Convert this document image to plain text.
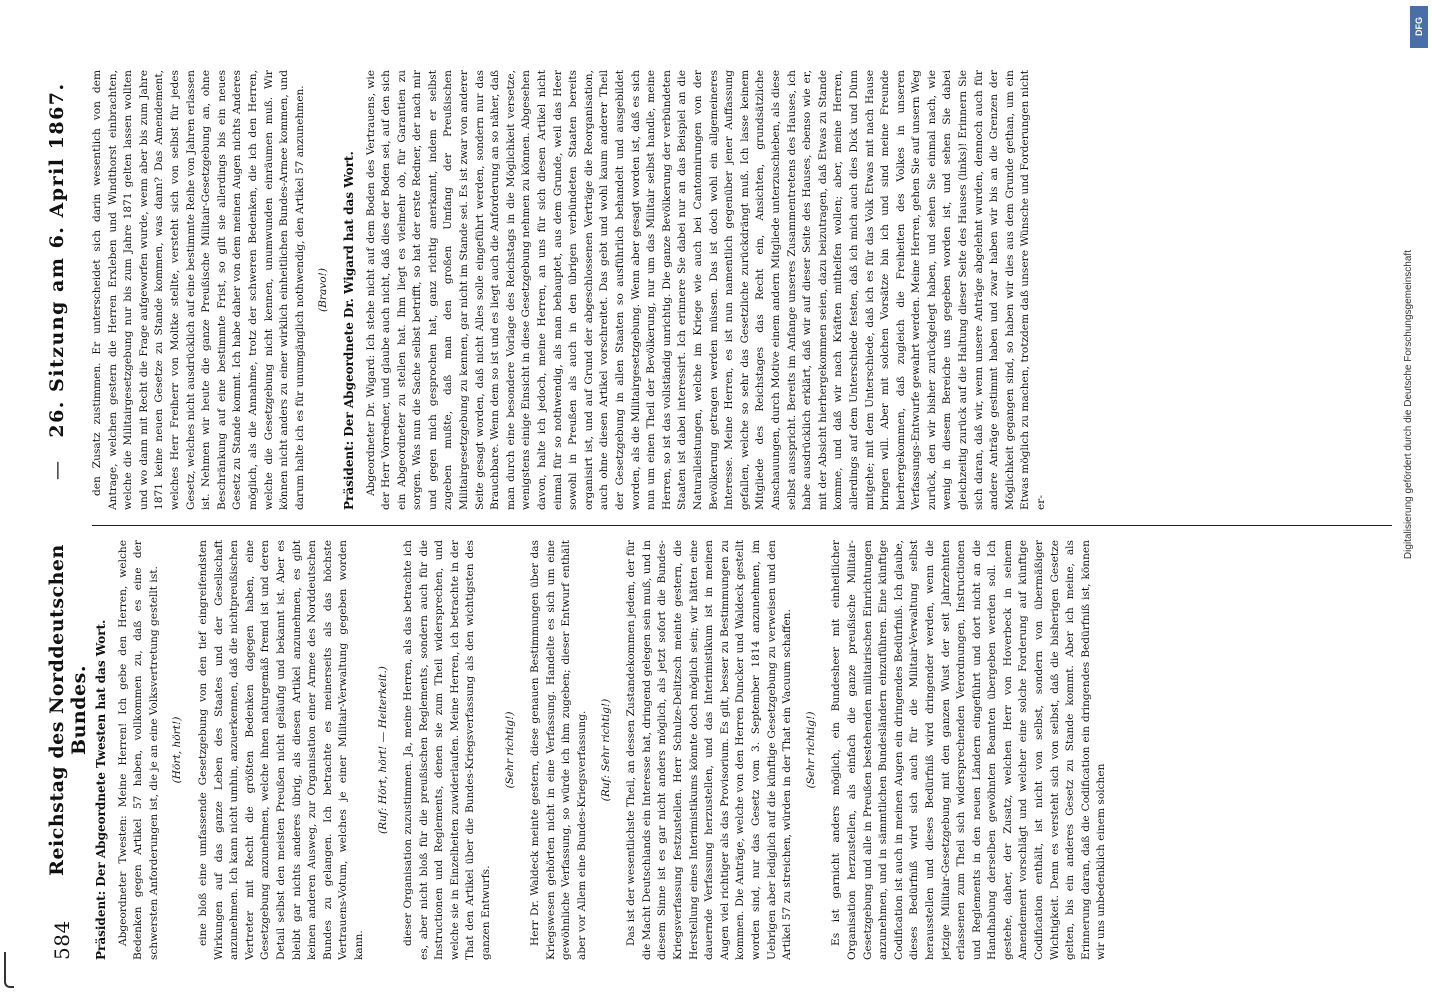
584
Reichstag des Norddeutschen Bundes.
—
26. Sitzung am 6. April 1867.

Präsident: Der Abgeordnete Twesten hat das Wort. Abgeordneter Twesten: Meine Herren! Ich gebe den Herren, welche Bedenken gegen Artikel 57 haben, vollkommen zu, daß es eine der schwersten Anforderungen ist, die je an eine Volksvertretung gestellt ist. (Hört, hört!) eine bloß eine umfassende Gesetzgebung von den tief eingreifendsten Wirkungen auf das ganze Leben des Staates und der Gesellschaft anzunehmen. Ich kann nicht umhin, anzuerkennen, daß die nichtpreußischen Vertreter mit Recht die größten Bedenken dagegen haben, eine Gesetzgebung anzunehmen, welche ihnen naturgemäß fremd ist und deren Detail selbst den meisten Preußen nicht geläufig und bekannt ist. Aber es bleibt gar nichts anderes übrig, als diesen Artikel anzunehmen, es gibt keinen anderen Ausweg, zur Organisation einer Armee des Norddeutschen Bundes zu gelangen. Ich betrachte es meinerseits als das höchste Vertrauens-Votum, welches je einer Militair-Verwaltung gegeben worden kann.

(Ruf: Hört, hört! — Heiterkeit.) dieser Organisation zuzustimmen. Ja, meine Herren, als das betrachte ich es, aber nicht bloß für die preußischen Reglements, sondern auch für die Instructionen und Reglements, denen sie zum Theil widersprechen, und welche sie in Einzelheiten zuwiderlaufen. Meine Herren, ich betrachte in der That den Artikel über die Bundes-Kriegsverfassung als den wichtigsten des ganzen Entwurfs.

(Sehr richtig!) Herr Dr. Waldeck meinte gestern, diese genauen Bestimmungen über das Kriegswesen gehörten nicht in eine Verfassung. Handelte es sich um eine gewöhnliche Verfassung, so würde ich ihm zugeben; dieser Entwurf enthält aber vor Allem eine Bundes-Kriegsverfassung. (Ruf: Sehr richtig!) Das ist der wesentlichste Theil, an dessen Zustandekommen jedem, der für die Macht Deutschlands ein Interesse hat, dringend gelegen sein muß, und in diesem Sinne ist es gar nicht anders möglich, als jetzt sofort die Bundes-Kriegsverfassung festzustellen. Herr Schulze-Delitzsch meinte gestern, die Herstellung eines Interimistikums könnte doch möglich sein; wir hätten eine dauernde Verfassung herzustellen, und das Interimistikum ist in meinen Augen viel richtiger als das Provisorium. Es gilt, besser zu Bestimmungen zu kommen. Die Anträge, welche von den Herren Duncker und Waldeck gestellt worden sind, nur das Gesetz vom 3. September 1814 anzunehmen, im Uebrigen aber lediglich auf die künftige Gesetzgebung zu verweisen und den Artikel 57 zu streichen, würden in der That ein Vacuum schaffen. (Sehr richtig!) Es ist garnicht anders möglich, ein Bundesheer mit einheitlicher Organisation herzustellen, als einfach die ganze preußische Militair-Gesetzgebung und alle in Preußen bestehenden militairischen Einrichtungen anzunehmen, und in sämmtlichen Bundesländern einzuführen. Eine künftige Codification ist auch in meinen Augen ein dringendes Bedürfniß. Ich glaube, dieses Bedürfniß wird sich auch für die Militair-Verwaltung selbst herausstellen und dieses Bedürfniß wird dringender werden, wenn die jetzige Militair-Gesetzgebung mit den ganzen Wust der seit Jahrzehnten erlassenen zum Theil sich widersprechenden Verordnungen, Instructionen und Reglements in den neuen Ländern eingeführt und dort nicht an die Handhabung derselben gewöhnten Beamten übergeben werden soll. Ich gestehe, daher, der Zusatz, welchen Herr von Hoverbeck in seinem Amendement vorschlägt und welcher eine solche Forderung auf künftige Codification enthält, ist nicht von selbst, sondern von übermäßiger Wichtigkeit. Denn es versteht sich von selbst, daß die bisherigen Gesetze gelten, bis ein anderes Gesetz zu Stande kommt. Aber ich meine, als Erinnerung daran, daß die Codification ein dringendes Bedürfniß ist, können wir uns unbedenklich einem solchen

den Zusatz zustimmen. Er unterscheidet sich darin wesentlich von dem Antrage, welchen gestern die Herren Erxleben und Windthorst einbrachten, welche die Militairgesetzgebung nur bis zum Jahre 1871 gelten lassen wollten und wo dann mit Recht die Frage aufgeworfen wurde, wenn aber bis zum Jahre 1871 keine neuen Gesetze zu Stande kommen, was dann? Das Amendement, welches Herr Freiherr von Moltke stellte, versteht sich von selbst für jedes Gesetz, welches nicht ausdrücklich auf eine bestimmte Reihe von Jahren erlassen ist. Nehmen wir heute die ganze Preußische Militair-Gesetzgebung an, ohne Beschränkung auf eine bestimmte Frist, so gilt sie allerdings bis ein neues Gesetz zu Stande kommt. Ich habe daher von dem meinen Augen nichts Anderes möglich, als die Annahme, trotz der schweren Bedenken, die ich den Herren, welche die Gesetzgebung nicht kennen, unumwunden einräumen muß. Wir können nicht anders zu einer wirklich einheitlichen Bundes-Armee kommen, und darum halte ich es für unumgänglich nothwendig, den Artikel 57 anzunehmen. (Bravo!) Präsident: Der Abgeordnete Dr. Wigard hat das Wort. Abgeordneter Dr. Wigard: Ich stehe nicht auf dem Boden des Vertrauens, wie der Herr Vorredner, und glaube auch nicht, daß dies der Boden sei, auf den sich ein Abgeordneter zu stellen hat. Ihm liegt es vielmehr ob, für Garantien zu sorgen. Was nun die Sache selbst betrifft, so hat der erste Redner, der nach mir und gegen mich gesprochen hat, ganz richtig anerkannt, indem er selbst zugeben mußte, daß man den großen Umfang der Preußischen Militairgesetzgebung zu kennen, gar nicht im Stande sei. Es ist zwar von anderer Seite gesagt worden, daß nicht Alles solle eingeführt werden, sondern nur das Brauchbare. Wenn dem so ist und es liegt auch die Anforderung an so näher, daß man durch eine besondere Vorlage des Reichstags in die Möglichkeit versetze, wenigstens einige Einsicht in diese Gesetzgebung nehmen zu können. Abgesehen davon, halte ich jedoch, meine Herren, an uns für sich diesen Artikel nicht einmal für so nothwendig, als man behauptet, aus dem Grunde, weil das Heer sowohl in Preußen als auch in den übrigen verbündeten Staaten bereits organisirt ist, und auf Grund der abgeschlossenen Verträge die Reorganisation, auch ohne diesen Artikel vorschreitet. Das gebt und wohl kaum anderer Theil der Gesetzgebung in allen Staaten so ausführlich behandelt und ausgebildet worden, als die Militairgesetzgebung. Wenn aber gesagt worden ist, daß es sich nun um einen Theil der Bevölkerung, nur um das Militair selbst handle, meine Herren, so ist das vollständig unrichtig. Die ganze Bevölkerung der verbündeten Staaten ist dabei interessirt. Ich erinnere Sie dabei nur an das Beispiel an die Naturalleistungen, welche im Kriege wie auch bei Cantonnirungen von der Bevölkerung getragen werden müssen. Das ist doch wohl ein allgemeineres Interesse. Meine Herren, es ist nun namentlich gegenüber jener Auffassung gefallen, welche so sehr das Gesetzliche zurückdrängt muß. Ich lasse keinem Mitgliede des Reichstages das Recht ein, Ansichten, grundsätzliche Anschauungen, durch Motive einem andern Mitgliede unterzuschieben, als diese selbst ausspricht. Bereits im Anfange unseres Zusammentretens des Hauses, ich habe ausdrücklich erklärt, daß wir auf dieser Seite des Hauses, ebenso wie er, mit der Absicht hierhergekommen seien, dazu beizutragen, daß Etwas zu Stande komme, und daß wir nach Kräften mithelfen wollen; aber, meine Herren, allerdings auf dem Unterschiede festen, daß ich mich auch dies Dick und Dünn mitgehe; mit dem Unterschiede, daß ich es für das Volk Etwas mit nach Hause bringen will. Aber mit solchen Vorsätze bin ich und sind meine Freunde hierhergekommen, daß zugleich die Freiheiten des Volkes in unseren Verfassungs-Entwurfe gewahrt werden. Meine Herren, gehen Sie auf unsern Weg zurück, den wir bisher zurückgelegt haben, und sehen Sie einmal nach, wie wenig in diesem Bereiche uns gegeben worden ist, und sehen Sie dabei gleichzeitig zurück auf die Haltung dieser Seite des Hauses (links)! Erinnern Sie sich daran, daß wir, wenn unsere Anträge abgelehnt wurden, dennoch auch für andere Anträge gestimmt haben und zwar haben wir bis an die Grenzen der Möglichkeit gegangen sind, so haben wir dies aus dem Grunde gethan, um ein Etwas möglich zu machen, trotzdem daß unsere Wünsche und Forderungen nicht er-	Digitalisierung gefördert durch die Deutsche Forschungsgemeinschaft
DFG
